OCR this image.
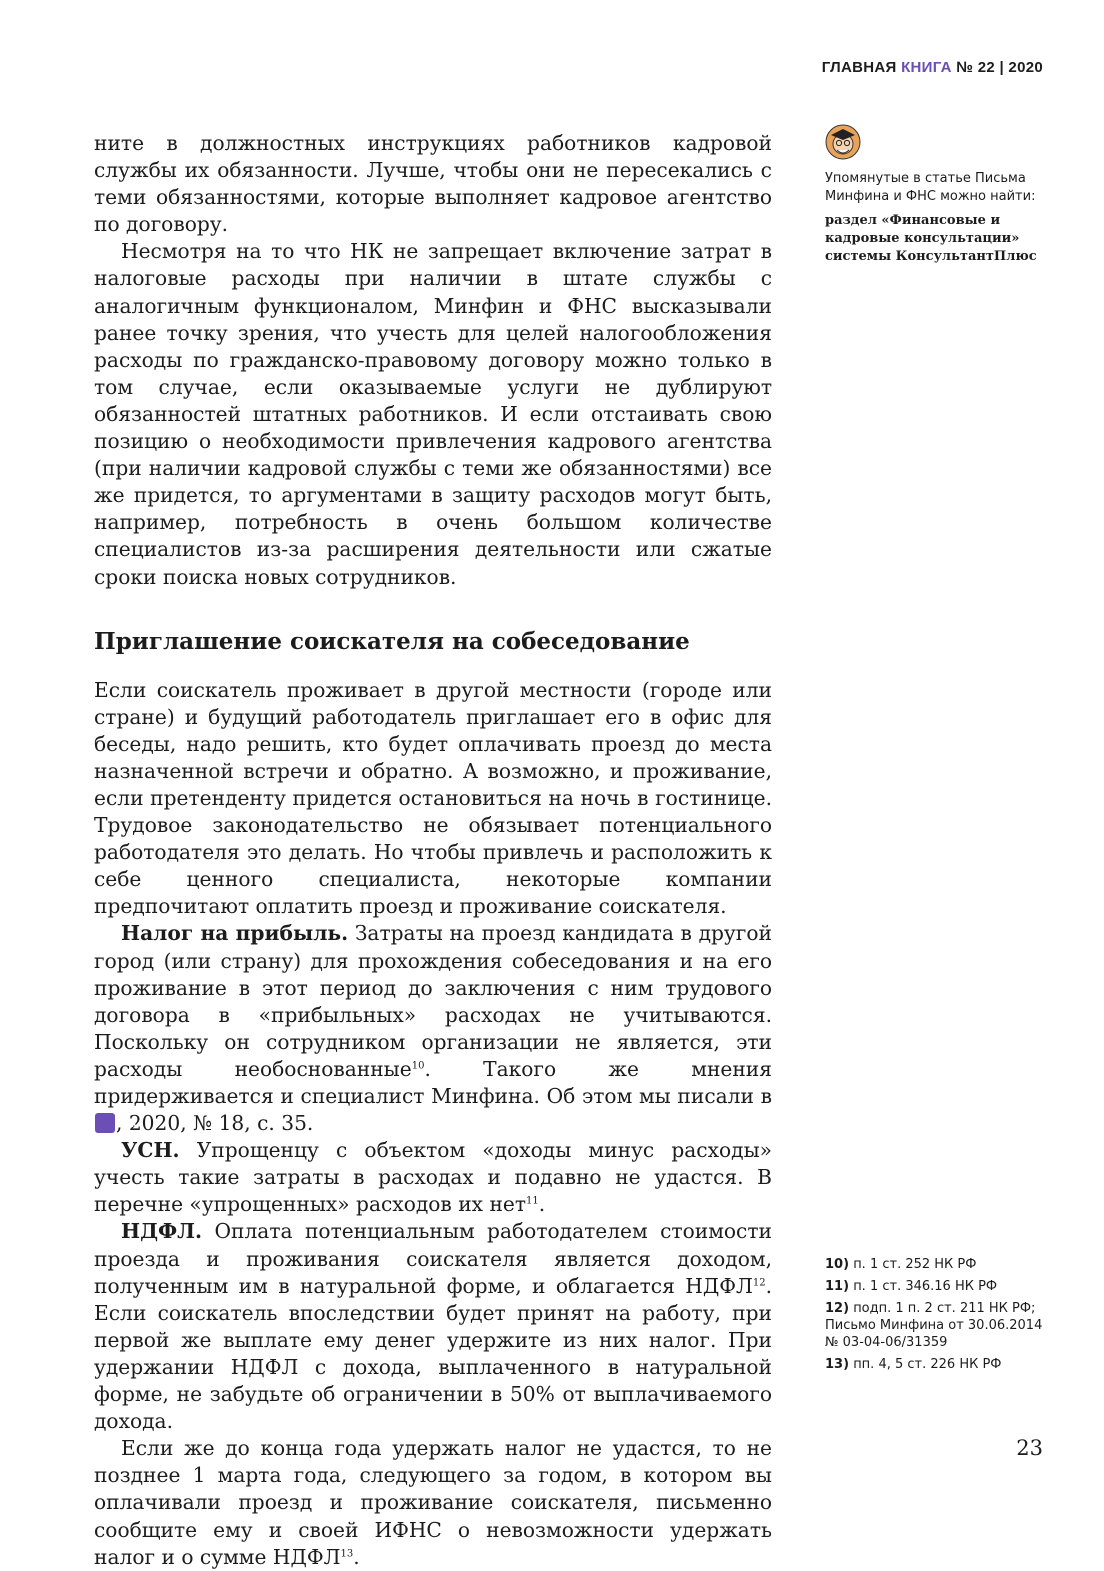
ГЛАВНАЯ КНИГА № 22 | 2020

ните в должностных инструкциях работников кадровой службы их обязанности. Лучше, чтобы они не пересекались с теми обязанностями, которые выполняет кадровое агентство по договору.

Несмотря на то что НК не запрещает включение затрат в налоговые расходы при наличии в штате службы с аналогичным функционалом, Минфин и ФНС высказывали ранее точку зрения, что учесть для целей налогообложения расходы по гражданско-правовому договору можно только в том случае, если оказываемые услуги не дублируют обязанностей штатных работников. И если отстаивать свою позицию о необходимости привлечения кадрового агентства (при наличии кадровой службы с теми же обязанностями) все же придется, то аргументами в защиту расходов могут быть, например, потребность в очень большом количестве специалистов из-за расширения деятельности или сжатые сроки поиска новых сотрудников.

Приглашение соискателя на собеседование

Если соискатель проживает в другой местности (городе или стране) и будущий работодатель приглашает его в офис для беседы, надо решить, кто будет оплачивать проезд до места назначенной встречи и обратно. А возможно, и проживание, если претенденту придется остановиться на ночь в гостинице. Трудовое законодательство не обязывает потенциального работодателя это делать. Но чтобы привлечь и расположить к себе ценного специалиста, некоторые компании предпочитают оплатить проезд и проживание соискателя.

Налог на прибыль. Затраты на проезд кандидата в другой город (или страну) для прохождения собеседования и на его проживание в этот период до заключения с ним трудового договора в «прибыльных» расходах не учитываются. Поскольку он сотрудником организации не является, эти расходы необоснованные$^{10}$. Такого же мнения придерживается и специалист Минфина. Об этом мы писали в Гк, 2020, № 18, с. 35.

УСН. Упрощенцу с объектом «доходы минус расходы» учесть такие затраты в расходах и подавно не удастся. В перечне «упрощенных» расходов их нет$^{11}$.

НДФЛ. Оплата потенциальным работодателем стоимости проезда и проживания соискателя является доходом, полученным им в натуральной форме, и облагается НДФЛ$^{12}$. Если соискатель впоследствии будет принят на работу, при первой же выплате ему денег удержите из них налог. При удержании НДФЛ с дохода, выплаченного в натуральной форме, не забудьте об ограничении в 50% от выплачиваемого дохода.

Если же до конца года удержать налог не удастся, то не позднее 1 марта года, следующего за годом, в котором вы оплачивали проезд и проживание соискателя, письменно сообщите ему и своей ИФНС о невозможности удержать налог и о сумме НДФЛ$^{13}$.

Упомянутые в статье Письма Минфина и ФНС можно найти:

раздел «Финансовые и кадровые консультации» системы КонсультантПлюс

10) п. 1 ст. 252 НК РФ
11) п. 1 ст. 346.16 НК РФ
12) подп. 1 п. 2 ст. 211 НК РФ; Письмо Минфина от 30.06.2014 № 03-04-06/31359
13) пп. 4, 5 ст. 226 НК РФ
23
